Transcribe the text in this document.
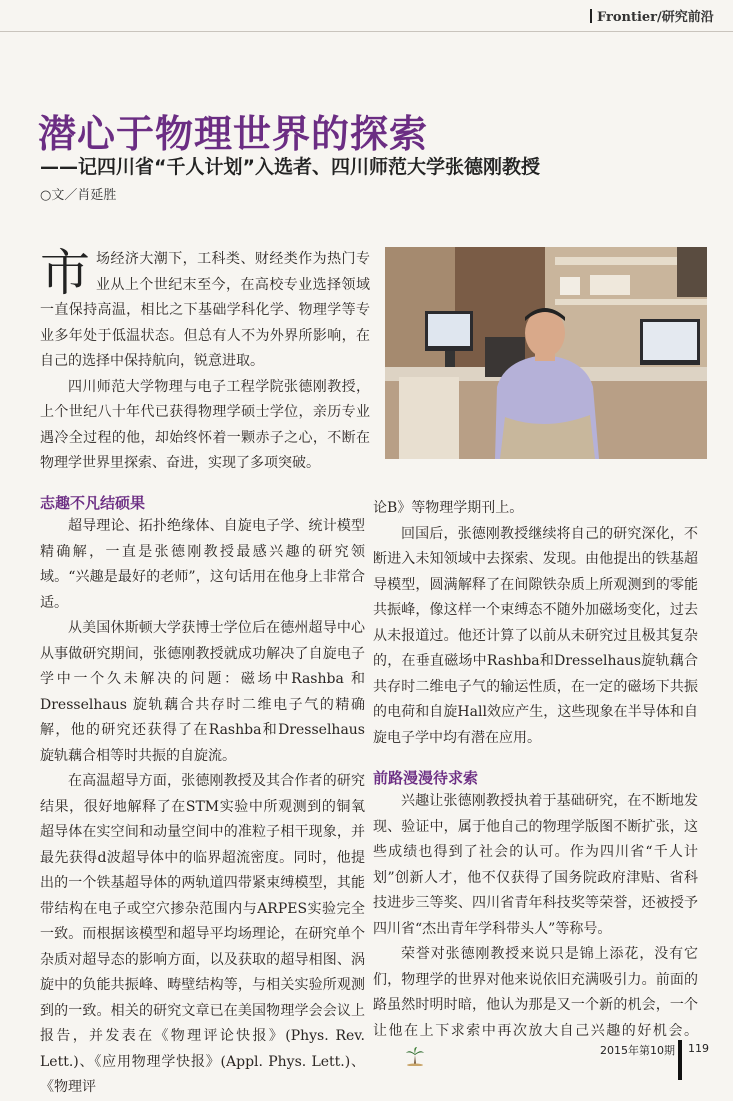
Frontier/研究前沿
潜心于物理世界的探索
——记四川省“千人计划”入选者、四川师范大学张德刚教授
○文／肖延胜

市场经济大潮下，工科类、财经类作为热门专业从上个世纪末至今，在高校专业选择领域一直保持高温，相比之下基础学科化学、物理学等专业多年处于低温状态。但总有人不为外界所影响，在自己的选择中保持航向，锐意进取。

四川师范大学物理与电子工程学院张德刚教授，上个世纪八十年代已获得物理学硕士学位，亲历专业遇冷全过程的他，却始终怀着一颗赤子之心，不断在物理学世界里探索、奋进，实现了多项突破。

志趣不凡结硕果

超导理论、拓扑绝缘体、自旋电子学、统计模型精确解，一直是张德刚教授最感兴趣的研究领域。“兴趣是最好的老师”，这句话用在他身上非常合适。

从美国休斯顿大学获博士学位后在德州超导中心从事做研究期间，张德刚教授就成功解决了自旋电子学中一个久未解决的问题：磁场中Rashba 和 Dresselhaus 旋轨藕合共存时二维电子气的精确解，他的研究还获得了在Rashba和Dresselhaus 旋轨藕合相等时共振的自旋流。

在高温超导方面，张德刚教授及其合作者的研究结果，很好地解释了在STM实验中所观测到的铜氧超导体在实空间和动量空间中的准粒子相干现象，并最先获得d波超导体中的临界超流密度。同时，他提出的一个铁基超导体的两轨道四带紧束缚模型，其能带结构在电子或空穴掺杂范围内与ARPES实验完全一致。而根据该模型和超导平均场理论，在研究单个杂质对超导态的影响方面，以及获取的超导相图、涡旋中的负能共振峰、畴壁结构等，与相关实验所观测到的一致。相关的研究文章已在美国物理学会会议上报告，并发表在《物理评论快报》(Phys. Rev. Lett.)、《应用物理学快报》(Appl. Phys. Lett.)、《物理评

论B》等物理学期刊上。

回国后，张德刚教授继续将自己的研究深化，不断进入未知领域中去探索、发现。由他提出的铁基超导模型，圆满解释了在间隙铁杂质上所观测到的零能共振峰，像这样一个束缚态不随外加磁场变化，过去从未报道过。他还计算了以前从未研究过且极其复杂的，在垂直磁场中Rashba和Dresselhaus旋轨藕合共存时二维电子气的输运性质，在一定的磁场下共振的电荷和自旋Hall效应产生，这些现象在半导体和自旋电子学中均有潜在应用。

前路漫漫待求索

兴趣让张德刚教授执着于基础研究，在不断地发现、验证中，属于他自己的物理学版图不断扩张，这些成绩也得到了社会的认可。作为四川省“千人计划”创新人才，他不仅获得了国务院政府津贴、省科技进步三等奖、四川省青年科技奖等荣誉，还被授予四川省“杰出青年学科带头人”等称号。

荣誉对张德刚教授来说只是锦上添花，没有它们，物理学的世界对他来说依旧充满吸引力。前面的路虽然时明时暗，他认为那是又一个新的机会，一个让他在上下求索中再次放大自己兴趣的好机会。

2015年第10期 119
